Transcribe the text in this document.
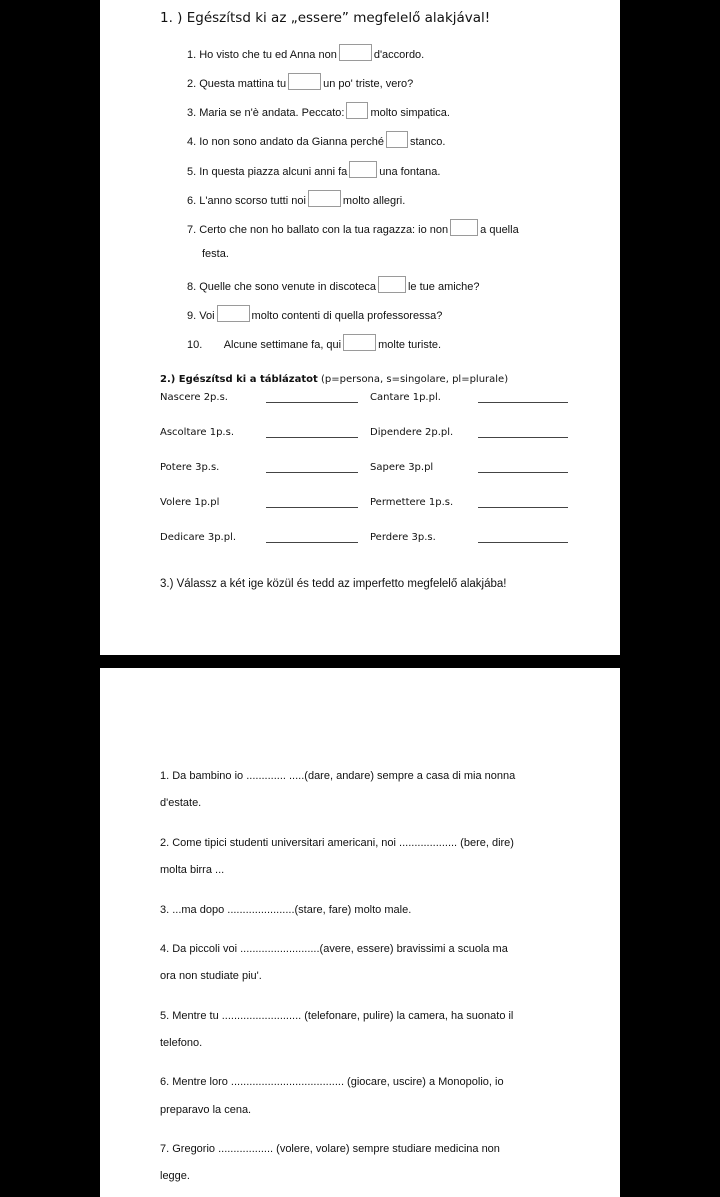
1. ) Egészítsd ki az „essere” megfelelő alakjával!
1. Ho visto che tu ed Anna non	d'accordo.
2. Questa mattina tu	un po' triste, vero?
3. Maria se n'è andata. Peccato: molto simpatica.
4. Io non sono andato da Gianna perché stanco.
5. In questa piazza alcuni anni fa	una fontana.
6. L'anno scorso tutti noi	molto allegri.
7. Certo che non ho ballato con la tua ragazza: io non	a quella
festa.
8. Quelle che sono venute in discoteca	le tue amiche?
9. Voi	molto contenti di quella professoressa?
10. Alcune settimane fa, qui	molte turiste.
2.) Egészítsd ki a táblázatot (p=persona, s=singolare, pl=plurale)
Nascere 2p.s.	Cantare 1p.pl.
Ascoltare 1p.s.	Dipendere 2p.pl.
Potere 3p.s.	Sapere 3p.pl
Volere 1p.pl	Permettere 1p.s.
Dedicare 3p.pl.	Perdere 3p.s.
3.) Válassz a két ige közül és tedd az imperfetto megfelelő alakjába!
1. Da bambino io ............. .....(dare, andare) sempre a casa di mia nonna
d'estate.
2. Come tipici studenti universitari americani, noi ................... (bere, dire)
molta birra ...
3. ...ma dopo ......................(stare, fare) molto male.
4. Da piccoli voi ..........................(avere, essere) bravissimi a scuola ma
ora non studiate piu'.
5. Mentre tu .......................... (telefonare, pulire) la camera, ha suonato il
telefono.
6. Mentre loro ..................................... (giocare, uscire) a Monopolio, io
preparavo la cena.
7. Gregorio .................. (volere, volare) sempre studiare medicina non
legge.
